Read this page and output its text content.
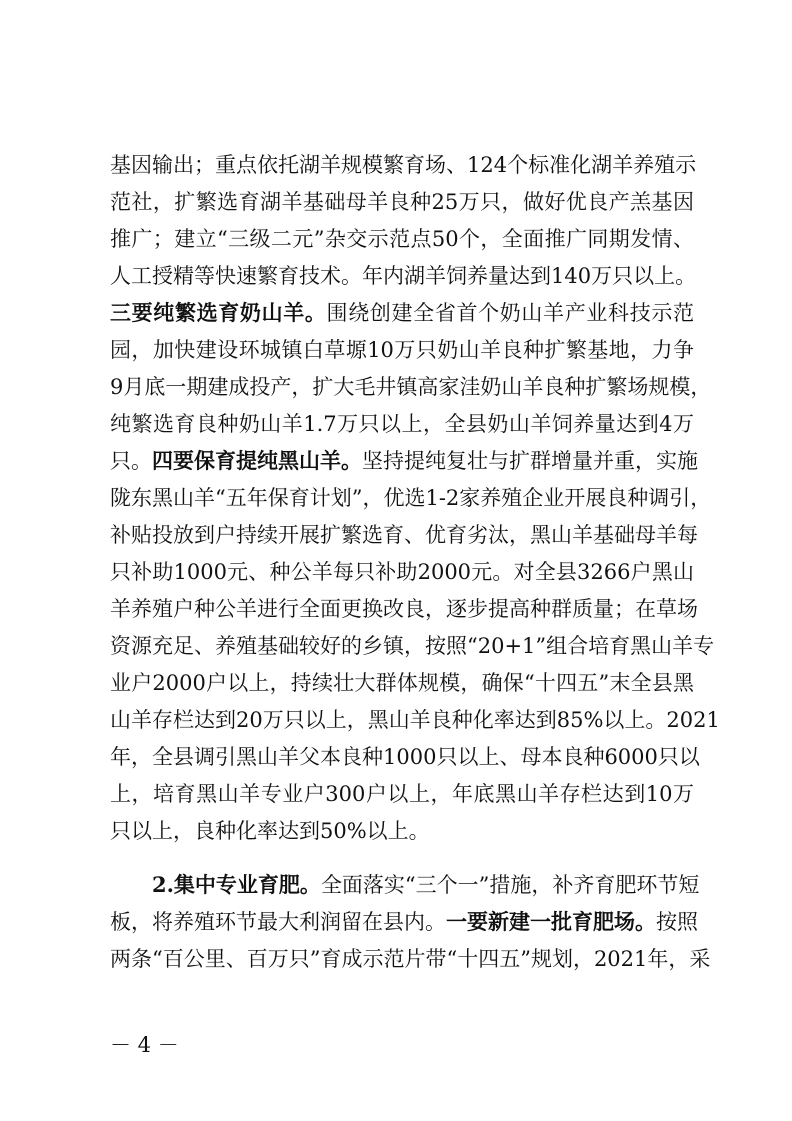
基因输出；重点依托湖羊规模繁育场、124个标准化湖羊养殖示
范社，扩繁选育湖羊基础母羊良种25万只，做好优良产羔基因
推广；建立“三级二元”杂交示范点50个，全面推广同期发情、
人工授精等快速繁育技术。年内湖羊饲养量达到140万只以上。
三要纯繁选育奶山羊。围绕创建全省首个奶山羊产业科技示范
园，加快建设环城镇白草塬10万只奶山羊良种扩繁基地，力争
9月底一期建成投产，扩大毛井镇高家洼奶山羊良种扩繁场规模，
纯繁选育良种奶山羊1.7万只以上，全县奶山羊饲养量达到4万
只。四要保育提纯黑山羊。坚持提纯复壮与扩群增量并重，实施
陇东黑山羊“五年保育计划”，优选1-2家养殖企业开展良种调引，
补贴投放到户持续开展扩繁选育、优育劣汰，黑山羊基础母羊每
只补助1000元、种公羊每只补助2000元。对全县3266户黑山
羊养殖户种公羊进行全面更换改良，逐步提高种群质量；在草场
资源充足、养殖基础较好的乡镇，按照“20+1”组合培育黑山羊专
业户2000户以上，持续壮大群体规模，确保“十四五”末全县黑
山羊存栏达到20万只以上，黑山羊良种化率达到85%以上。2021
年，全县调引黑山羊父本良种1000只以上、母本良种6000只以
上，培育黑山羊专业户300户以上，年底黑山羊存栏达到10万
只以上，良种化率达到50%以上。
2.集中专业育肥。全面落实“三个一”措施，补齐育肥环节短
板，将养殖环节最大利润留在县内。一要新建一批育肥场。按照
两条“百公里、百万只”育成示范片带“十四五”规划，2021年，采
－ 4 －
